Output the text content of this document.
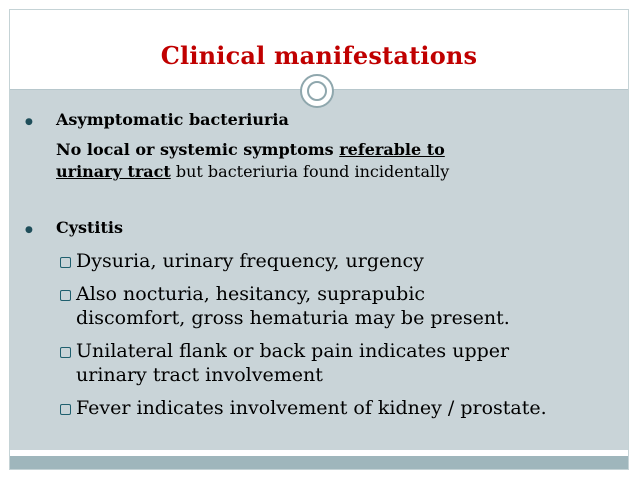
Clinical manifestations
● Asymptomatic bacteriuria
No local or systemic symptoms referable to
urinary tract but bacteriuria found incidentally
● Cystitis
Dysuria, urinary frequency, urgency
Also nocturia, hesitancy, suprapubic
discomfort, gross hematuria may be present.
Unilateral flank or back pain indicates upper
urinary tract involvement
Fever indicates involvement of kidney / prostate.
